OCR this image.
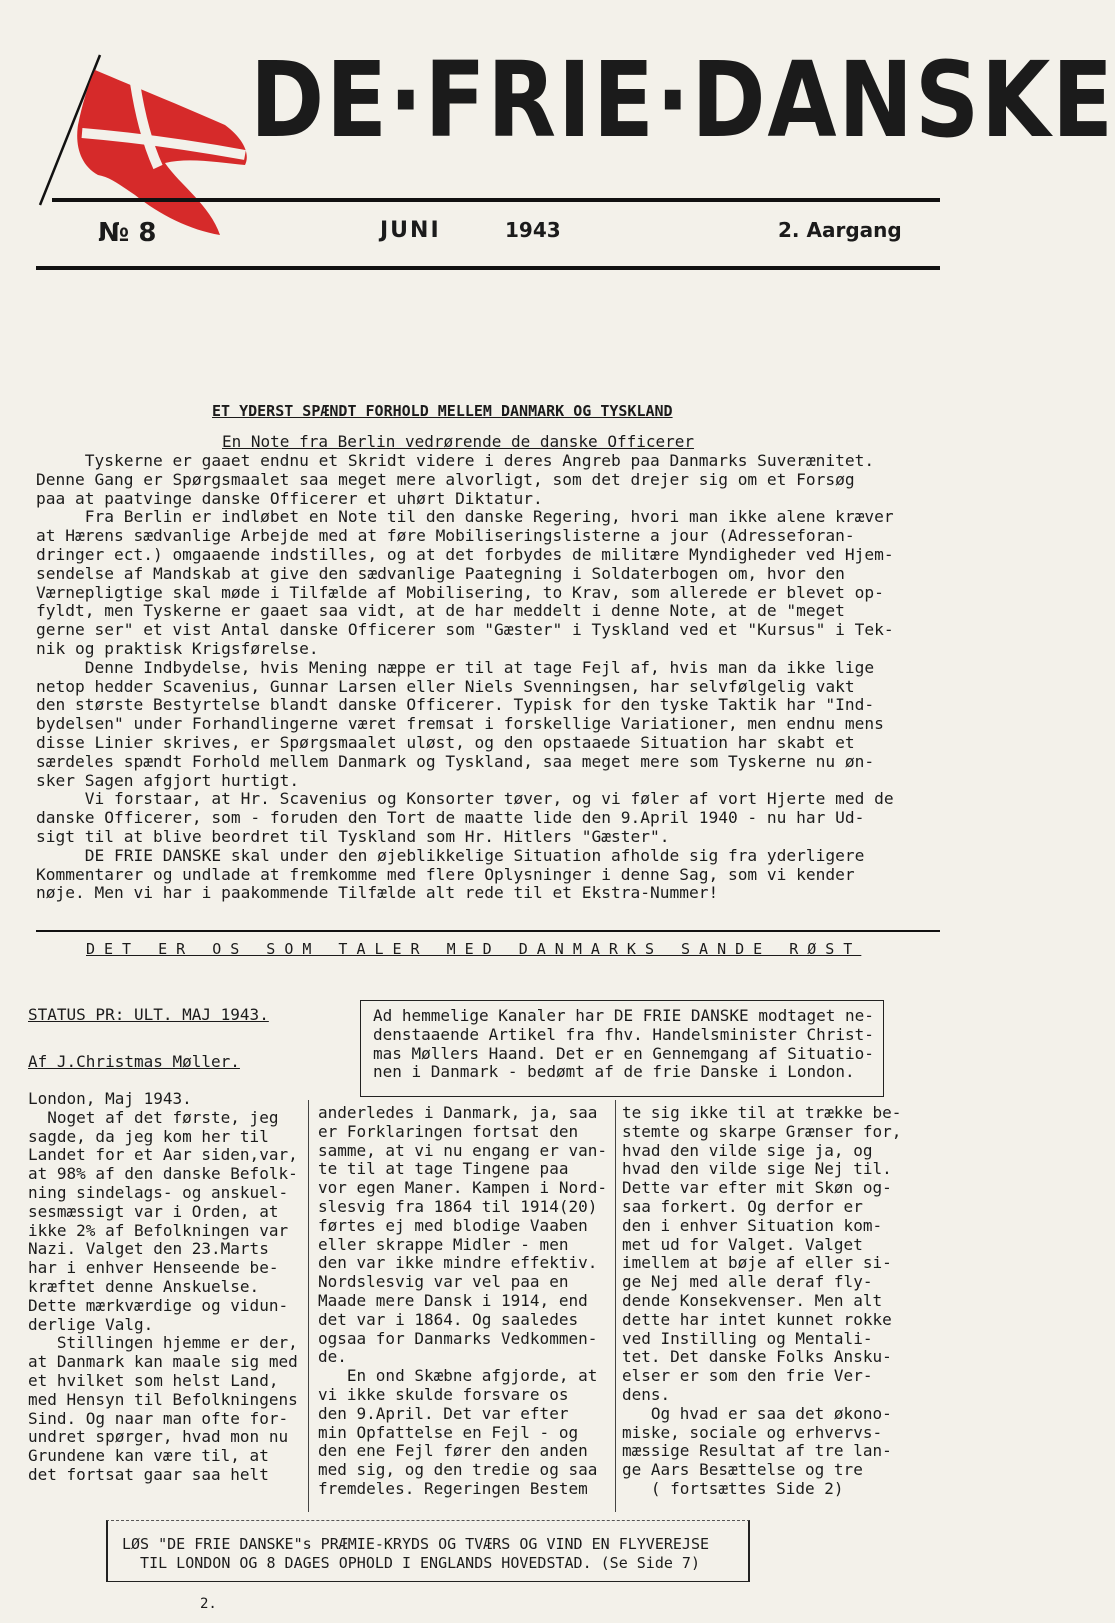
DE·FRIE·DANSKE
№ 8	JUNI	1943	2. Aargang
ET YDERST SPÆNDT FORHOLD MELLEM DANMARK OG TYSKLAND
En Note fra Berlin vedrørende de danske Officerer
Tyskerne er gaaet endnu et Skridt videre i deres Angreb paa Danmarks Suverænitet.
Denne Gang er Spørgsmaalet saa meget mere alvorligt, som det drejer sig om et Forsøg
paa at paatvinge danske Officerer et uhørt Diktatur.
Fra Berlin er indløbet en Note til den danske Regering, hvori man ikke alene kræver
at Hærens sædvanlige Arbejde med at føre Mobiliseringslisterne a jour (Adresseforan-
dringer ect.) omgaaende indstilles, og at det forbydes de militære Myndigheder ved Hjem-
sendelse af Mandskab at give den sædvanlige Paategning i Soldaterbogen om, hvor den
Værnepligtige skal møde i Tilfælde af Mobilisering, to Krav, som allerede er blevet op-
fyldt, men Tyskerne er gaaet saa vidt, at de har meddelt i denne Note, at de "meget
gerne ser" et vist Antal danske Officerer som "Gæster" i Tyskland ved et "Kursus" i Tek-
nik og praktisk Krigsførelse.
Denne Indbydelse, hvis Mening næppe er til at tage Fejl af, hvis man da ikke lige
netop hedder Scavenius, Gunnar Larsen eller Niels Svenningsen, har selvfølgelig vakt
den største Bestyrtelse blandt danske Officerer. Typisk for den tyske Taktik har "Ind-
bydelsen" under Forhandlingerne været fremsat i forskellige Variationer, men endnu mens
disse Linier skrives, er Spørgsmaalet uløst, og den opstaaede Situation har skabt et
særdeles spændt Forhold mellem Danmark og Tyskland, saa meget mere som Tyskerne nu øn-
sker Sagen afgjort hurtigt.
Vi forstaar, at Hr. Scavenius og Konsorter tøver, og vi føler af vort Hjerte med de
danske Officerer, som - foruden den Tort de maatte lide den 9.April 1940 - nu har Ud-
sigt til at blive beordret til Tyskland som Hr. Hitlers "Gæster".
DE FRIE DANSKE skal under den øjeblikkelige Situation afholde sig fra yderligere
Kommentarer og undlade at fremkomme med flere Oplysninger i denne Sag, som vi kender
nøje. Men vi har i paakommende Tilfælde alt rede til et Ekstra-Nummer!
DET ER OS SOM TALER MED DANMARKS SANDE RØST
STATUS PR: ULT. MAJ 1943.
Af J.Christmas Møller.
Ad hemmelige Kanaler har DE FRIE DANSKE modtaget ne-
denstaaende Artikel fra fhv. Handelsminister Christ-
mas Møllers Haand. Det er en Gennemgang af Situatio-
nen i Danmark - bedømt af de frie Danske i London.
London, Maj 1943.
Noget af det første, jeg
sagde, da jeg kom her til
Landet for et Aar siden,var,
at 98% af den danske Befolk-
ning sindelags- og anskuel-
sesmæssigt var i Orden, at
ikke 2% af Befolkningen var
Nazi. Valget den 23.Marts
har i enhver Henseende be-
kræftet denne Anskuelse.
Dette mærkværdige og vidun-
derlige Valg.
Stillingen hjemme er der,
at Danmark kan maale sig med
et hvilket som helst Land,
med Hensyn til Befolkningens
Sind. Og naar man ofte for-
undret spørger, hvad mon nu
Grundene kan være til, at
det fortsat gaar saa helt
anderledes i Danmark, ja, saa
er Forklaringen fortsat den
samme, at vi nu engang er van-
te til at tage Tingene paa
vor egen Maner. Kampen i Nord-
slesvig fra 1864 til 1914(20)
førtes ej med blodige Vaaben
eller skrappe Midler - men
den var ikke mindre effektiv.
Nordslesvig var vel paa en
Maade mere Dansk i 1914, end
det var i 1864. Og saaledes
ogsaa for Danmarks Vedkommen-
de.
En ond Skæbne afgjorde, at
vi ikke skulde forsvare os
den 9.April. Det var efter
min Opfattelse en Fejl - og
den ene Fejl fører den anden
med sig, og den tredie og saa
fremdeles. Regeringen Bestem
te sig ikke til at trække be-
stemte og skarpe Grænser for,
hvad den vilde sige ja, og
hvad den vilde sige Nej til.
Dette var efter mit Skøn og-
saa forkert. Og derfor er
den i enhver Situation kom-
met ud for Valget. Valget
imellem at bøje af eller si-
ge Nej med alle deraf fly-
dende Konsekvenser. Men alt
dette har intet kunnet rokke
ved Instilling og Mentali-
tet. Det danske Folks Ansku-
elser er som den frie Ver-
dens.
Og hvad er saa det økono-
miske, sociale og erhvervs-
mæssige Resultat af tre lan-
ge Aars Besættelse og tre
( fortsættes Side 2)
LØS "DE FRIE DANSKE"s PRÆMIE-KRYDS OG TVÆRS OG VIND EN FLYVEREJSE
TIL LONDON OG 8 DAGES OPHOLD I ENGLANDS HOVEDSTAD. (Se Side 7)
2.
